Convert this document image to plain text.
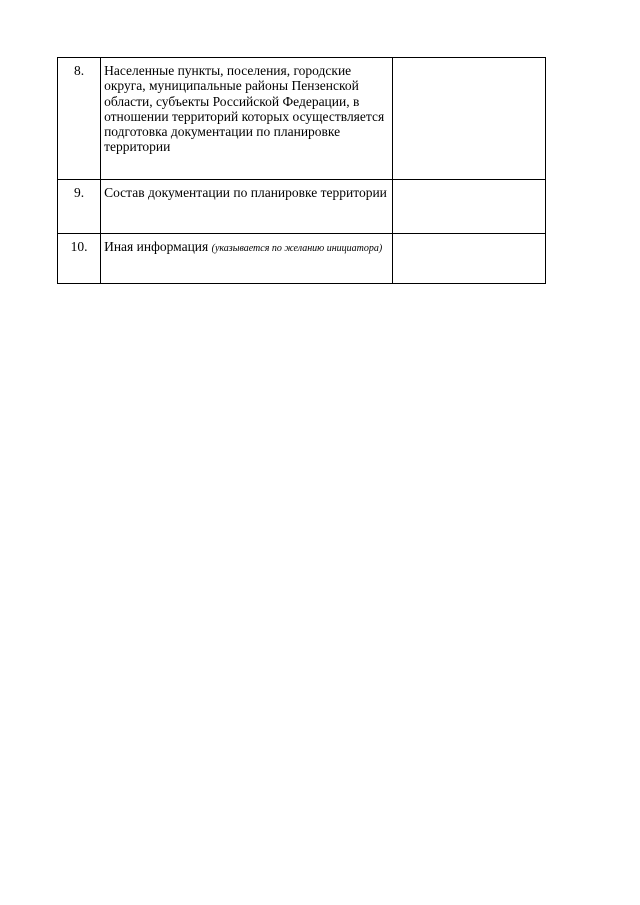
8.	Населенные пункты, поселения, городские округа, муниципальные районы Пензенской области, субъекты Российской Федерации, в отношении территорий которых осуществляется подготовка документации по планировке территории	
9.	Состав документации по планировке территории	
10.	Иная информация (указывается по желанию инициатора)	
